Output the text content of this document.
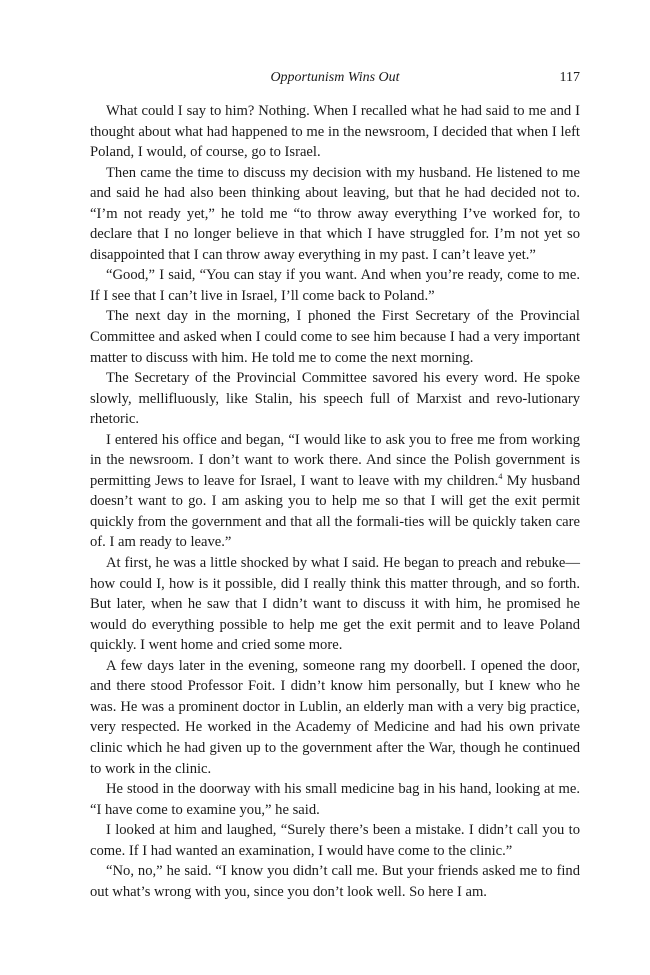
Opportunism Wins Out	117

What could I say to him? Nothing. When I recalled what he had said to me and I thought about what had happened to me in the newsroom, I decided that when I left Poland, I would, of course, go to Israel.

Then came the time to discuss my decision with my husband. He listened to me and said he had also been thinking about leaving, but that he had decided not to. “I’m not ready yet,” he told me “to throw away everything I’ve worked for, to declare that I no longer believe in that which I have struggled for. I’m not yet so disappointed that I can throw away everything in my past. I can’t leave yet.”

“Good,” I said, “You can stay if you want. And when you’re ready, come to me. If I see that I can’t live in Israel, I’ll come back to Poland.”

The next day in the morning, I phoned the First Secretary of the Provincial Committee and asked when I could come to see him because I had a very important matter to discuss with him. He told me to come the next morning.

The Secretary of the Provincial Committee savored his every word. He spoke slowly, mellifluously, like Stalin, his speech full of Marxist and revo-lutionary rhetoric.

I entered his office and began, “I would like to ask you to free me from working in the newsroom. I don’t want to work there. And since the Polish government is permitting Jews to leave for Israel, I want to leave with my children.$^4$ My husband doesn’t want to go. I am asking you to help me so that I will get the exit permit quickly from the government and that all the formali-ties will be quickly taken care of. I am ready to leave.”

At first, he was a little shocked by what I said. He began to preach and rebuke—how could I, how is it possible, did I really think this matter through, and so forth. But later, when he saw that I didn’t want to discuss it with him, he promised he would do everything possible to help me get the exit permit and to leave Poland quickly. I went home and cried some more.

A few days later in the evening, someone rang my doorbell. I opened the door, and there stood Professor Foit. I didn’t know him personally, but I knew who he was. He was a prominent doctor in Lublin, an elderly man with a very big practice, very respected. He worked in the Academy of Medicine and had his own private clinic which he had given up to the government after the War, though he continued to work in the clinic.

He stood in the doorway with his small medicine bag in his hand, looking at me. “I have come to examine you,” he said.

I looked at him and laughed, “Surely there’s been a mistake. I didn’t call you to come. If I had wanted an examination, I would have come to the clinic.”

“No, no,” he said. “I know you didn’t call me. But your friends asked me to find out what’s wrong with you, since you don’t look well. So here I am.
